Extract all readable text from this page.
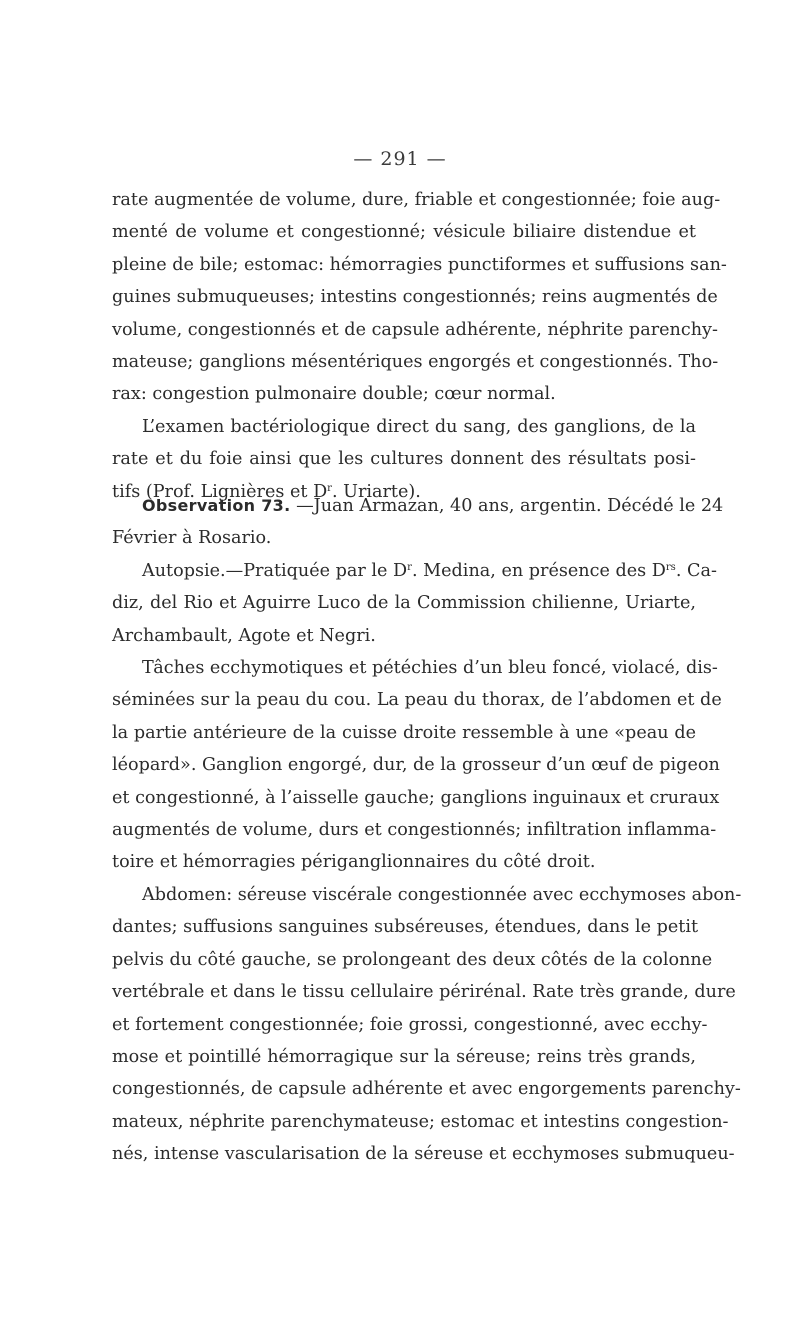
— 291 —
rate augmentée de volume, dure, friable et congestionnée; foie aug-
menté de volume et congestionné; vésicule biliaire distendue et
pleine de bile; estomac: hémorragies punctiformes et suffusions san-
guines submuqueuses; intestins congestionnés; reins augmentés de
volume, congestionnés et de capsule adhérente, néphrite parenchy-
mateuse; ganglions mésentériques engorgés et congestionnés. Tho-
rax: congestion pulmonaire double; cœur normal.
L’examen bactériologique direct du sang, des ganglions, de la
rate et du foie ainsi que les cultures donnent des résultats posi-
tifs (Prof. Lignières et $D^r$. Uriarte).
Observation 73. —Juan Armazan, 40 ans, argentin. Décédé le 24
Février à Rosario.
Autopsie.—Pratiquée par le $D^r$. Medina, en présence des $D^{rs}$. Ca-
diz, del Rio et Aguirre Luco de la Commission chilienne, Uriarte,
Archambault, Agote et Negri.
Tâches ecchymotiques et pétéchies d’un bleu foncé, violacé, dis-
séminées sur la peau du cou. La peau du thorax, de l’abdomen et de
la partie antérieure de la cuisse droite ressemble à une «peau de
léopard». Ganglion engorgé, dur, de la grosseur d’un œuf de pigeon
et congestionné, à l’aisselle gauche; ganglions inguinaux et cruraux
augmentés de volume, durs et congestionnés; infiltration inflamma-
toire et hémorragies périganglionnaires du côté droit.
Abdomen: séreuse viscérale congestionnée avec ecchymoses abon-
dantes; suffusions sanguines subséreuses, étendues, dans le petit
pelvis du côté gauche, se prolongeant des deux côtés de la colonne
vertébrale et dans le tissu cellulaire périrénal. Rate très grande, dure
et fortement congestionnée; foie grossi, congestionné, avec ecchy-
mose et pointillé hémorragique sur la séreuse; reins très grands,
congestionnés, de capsule adhérente et avec engorgements parenchy-
mateux, néphrite parenchymateuse; estomac et intestins congestion-
nés, intense vascularisation de la séreuse et ecchymoses submuqueu-
